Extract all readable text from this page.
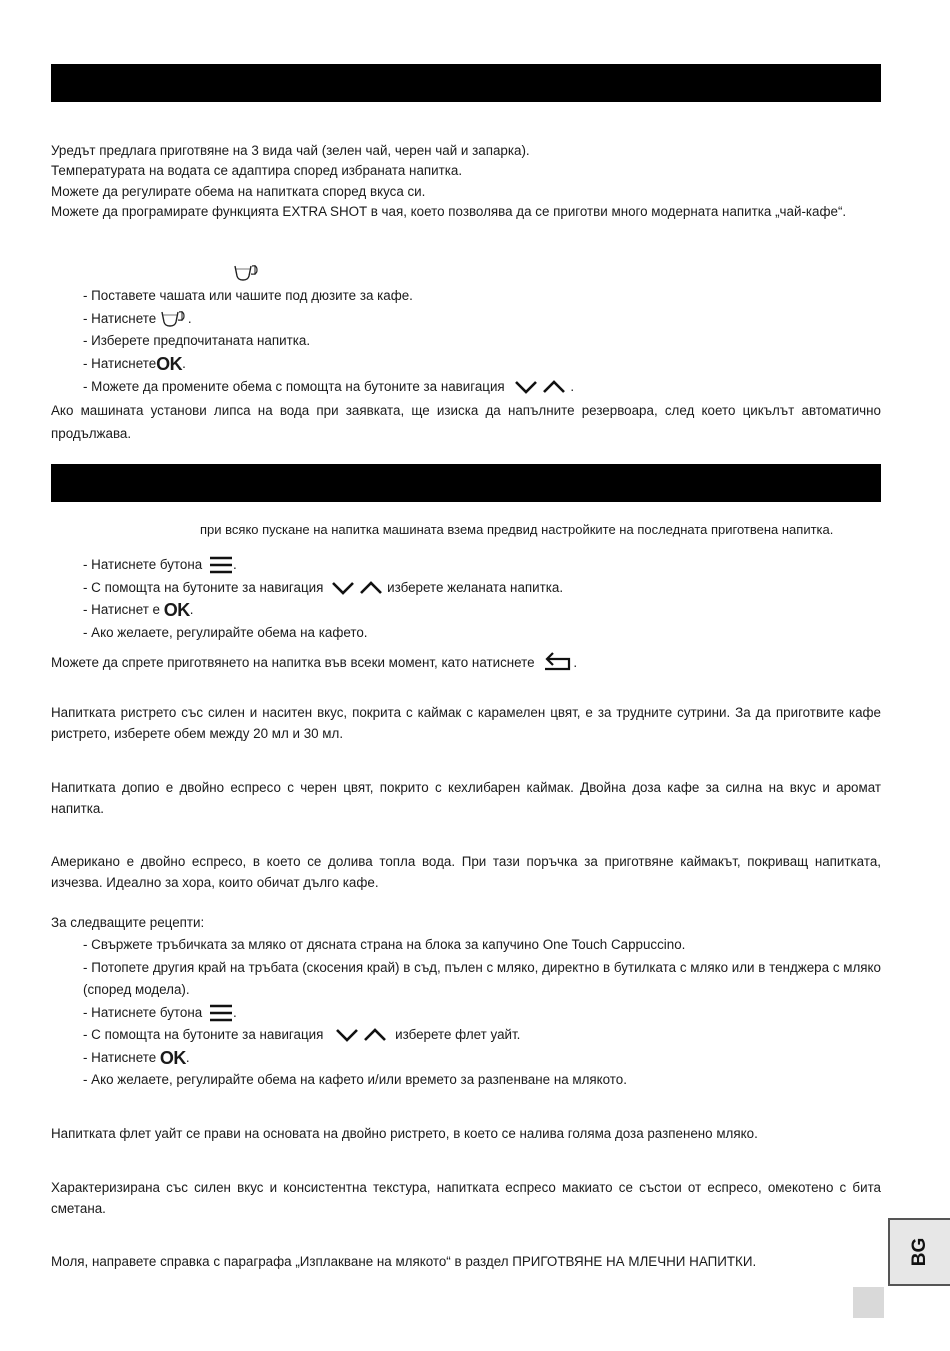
Уредът предлага приготвяне на 3 вида чай (зелен чай, черен чай и запарка).
Температурата на водата се адаптира според избраната напитка.
Можете да регулирате обема на напитката според вкуса си.
Можете да програмирате функцията EXTRA SHOT в чая, което позволява да се приготви много модерната напитка „чай-кафе“.
- Поставете чашата или чашите под дюзите за кафе.
- Натиснете .
- Изберете предпочитаната напитка.
- НатиснетеOK.
- Можете да промените обема с помощта на бутоните за навигация	.
Ако машината установи липса на вода при заявката, ще изиска да напълните резервоара, след което цикълът автоматично продължава.
при всяко пускане на напитка машината взема предвид настройките на последната приготвена напитка.
- Натиснете бутона .
- С помощта на бутоните за навигация	изберете желаната напитка.
- Натиснет е OK.
- Ако желаете, регулирайте обема на кафето.
Можете да спрете приготвянето на напитка във всеки момент, като натиснете	.
Напитката ристрето със силен и наситен вкус, покрита с каймак с карамелен цвят, е за трудните сутрини. За да приготвите кафе ристрето, изберете обем между 20 мл и 30 мл.
Напитката допио е двойно еспресо с черен цвят, покрито с кехлибарен каймак. Двойна доза кафе за силна на вкус и аромат напитка.
Американо е двойно еспресо, в което се долива топла вода. При тази поръчка за приготвяне каймакът, покриващ напитката, изчезва. Идеално за хора, които обичат дълго кафе.
За следващите рецепти:
- Свържете тръбичката за мляко от дясната страна на блока за капучино One Touch Cappuccino.
- Потопете другия край на тръбата (скосения край) в съд, пълен с мляко, директно в бутилката с мляко или в тенджера с мляко (според модела).
- Натиснете бутона .
- С помощта на бутоните за навигация	изберете флет уайт.
- Натиснете OK.
- Ако желаете, регулирайте обема на кафето и/или времето за разпенване на млякото.
Напитката флет уайт се прави на основата на двойно ристрето, в което се налива голяма доза разпенено мляко.
Характеризирана със силен вкус и консистентна текстура, напитката еспресо макиато се състои от еспресо, омекотено с бита сметана.
Моля, направете справка с параграфа „Изплакване на млякото“ в раздел ПРИГОТВЯНЕ НА МЛЕЧНИ НАПИТКИ.	BG
